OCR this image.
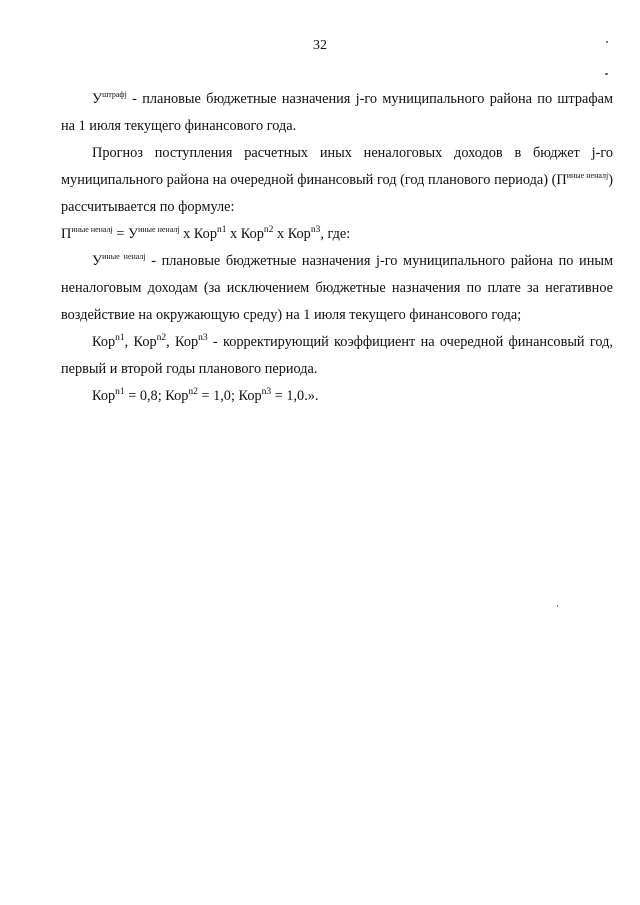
32

$У^{штрафj}$ - плановые бюджетные назначения j-го муниципального района по штрафам на 1 июля текущего финансового года.

Прогноз поступления расчетных иных неналоговых доходов в бюджет j-го муниципального района на очередной финансовый год (год планового периода) $(П^{иные неналj})$ рассчитывается по формуле:

$П^{иные неналj} = У^{иные неналj}$ x Кор$^{n1}$ x Кор$^{n2}$ x Кор$^{n3}$, где:

$У^{иные неналj}$ - плановые бюджетные назначения j-го муниципального района по иным неналоговым доходам (за исключением бюджетные назначения по плате за негативное воздействие на окружающую среду) на 1 июля текущего финансового года;

Кор$^{n1}$, Кор$^{n2}$, Кор$^{n3}$ - корректирующий коэффициент на очередной финансовый год, первый и второй годы планового периода.

Кор$^{n1}$ = 0,8; Кор$^{n2}$ = 1,0; Кор$^{n3}$ = 1,0.».
